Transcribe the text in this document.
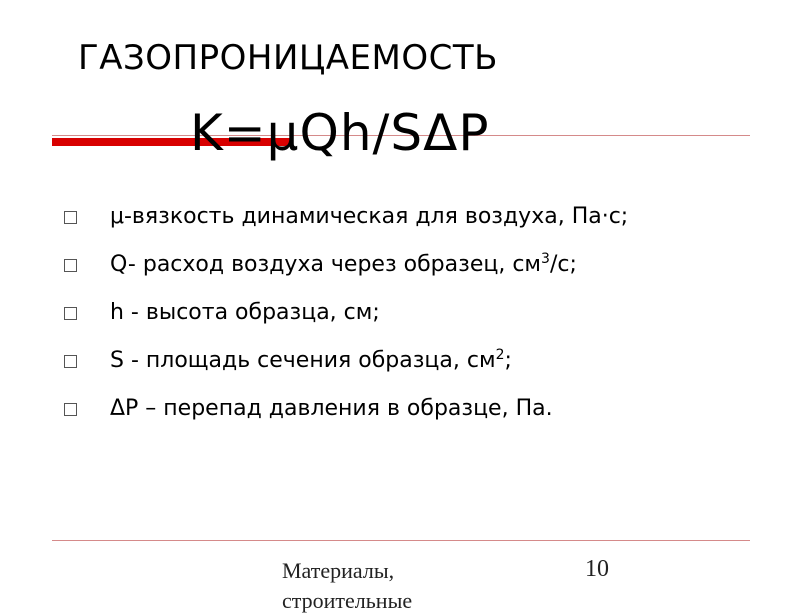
ГАЗОПРОНИЦАЕМОСТЬ
K=μQh/SΔP
μ-вязкость динамическая для воздуха, Па·с;
Q- расход воздуха через образец, $см^3/с$;
h - высота образца, см;
S - площадь сечения образца, $см^2$;
ΔP – перепад давления в образце, Па.
Материалы, строительные
10
